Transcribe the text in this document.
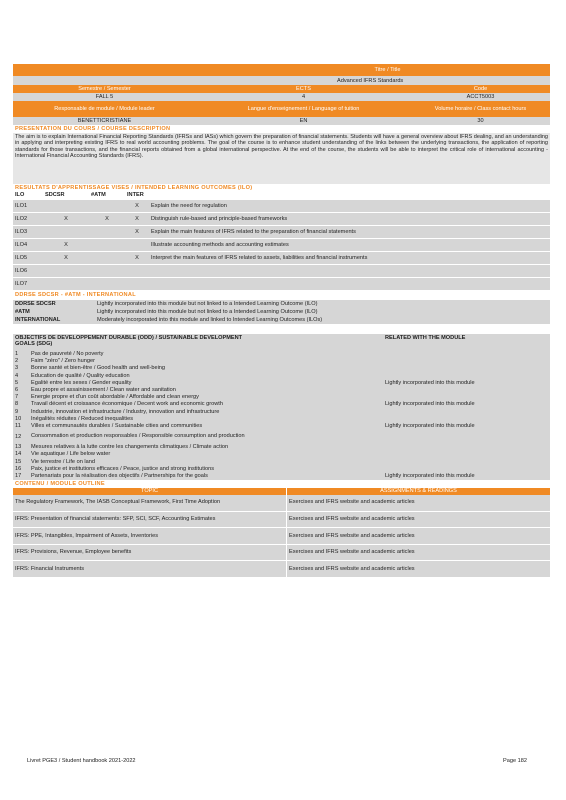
Titre / Title
Advanced IFRS Standards
Semestre / Semester	ECTS	Code
FALL 5	4	ACCT5003
Responsable de module / Module leader	Langue d'enseignement / Language of tuition	Volume horaire / Class contact hours
BENETTICRISTIANE	EN	30
PRESENTATION DU COURS / COURSE DESCRIPTION
The aim is to explain International Financial Reporting Standards (IFRSs and IASs) which govern the preparation of financial statements. Students will have a general overview about IFRS dealing, and an understanding in applying and interpreting existing IFRS to real world accounting problems. The goal of the course is to enhance student understanding of the links between the underlying transactions, the application of reporting standards for those transactions, and the financial reports obtained from a global international perspective. At the end of the course, the students will be able to interpret the critical role of international accounting - International Financial Accounting Standards (IFRS).
RESULTATS D'APPRENTISSAGE VISES / INTENDED LEARNING OUTCOMES (ILO)
ILO	SDCSR	#ATM	INTER	
ILO1			X	Explain the need for regulation
ILO2	X	X	X	Distinguish rule-based and principle-based frameworks
ILO3			X	Explain the main features of IFRS related to the preparation of financial statements
ILO4	X			Illustrate accounting methods and accounting estimates
ILO5	X		X	Interpret the main features of IFRS related to assets, liabilities and financial instruments
ILO6				
ILO7				
DDRSE SDCSR - #ATM - INTERNATIONAL
DDRSE SDCSR	Lightly incorporated into this module but not linked to a Intended Learning Outcome (ILO)
#ATM	Lightly incorporated into this module but not linked to a Intended Learning Outcome (ILO)
INTERNATIONAL	Moderately incorporated into this module and linked to Intended Learning Outcomes (ILOs)
OBJECTIFS DE DEVELOPPEMENT DURABLE (ODD) / SUSTAINABLE DEVELOPMENT GOALS (SDG)
RELATED WITH THE MODULE
1	Pas de pauvreté / No poverty	
2	Faim "zéro" / Zero hunger	
3	Bonne santé et bien-être / Good health and well-being	
4	Education de qualité / Quality education	
5	Egalité entre les sexes / Gender equality	Lightly incorporated into this module
6	Eau propre et assainissement / Clean water and sanitation	
7	Energie propre et d'un coût abordable / Affordable and clean energy	
8	Travail décent et croissance économique / Decent work and economic growth	Lightly incorporated into this module
9	Industrie, innovation et infrastructure / Industry, innovation and infrastructure	
10	Inégalités réduites / Reduced inequalities	
11	Villes et communautés durables / Sustainable cities and communities	Lightly incorporated into this module
12	Consommation et production responsables / Responsible consumption and production	
13	Mesures relatives à la lutte contre les changements climatiques / Climate action	
14	Vie aquatique / Life below water	
15	Vie terrestre / Life on land	
16	Paix, justice et institutions efficaces / Peace, justice and strong institutions	
17	Partenariats pour la réalisation des objectifs / Partnerships for the goals	Lightly incorporated into this module
CONTENU / MODULE OUTLINE
TOPIC	ASSIGNMENTS & READINGS
The Regulatory Framework, The IASB Conceptual Framework, First Time Adoption		Exercises and IFRS website and academic articles
IFRS: Presentation of financial statements: SFP, SCI, SCF, Accounting Estimates		Exercises and IFRS website and academic articles
IFRS: PPE, Intangibles, Impairment of Assets, Inventories		Exercises and IFRS website and academic articles
IFRS: Provisions, Revenue, Employee benefits		Exercises and IFRS website and academic articles
IFRS: Financial Instruments		Exercises and IFRS website and academic articles
Livret PGE3 / Student handbook 2021-2022	Page 182
